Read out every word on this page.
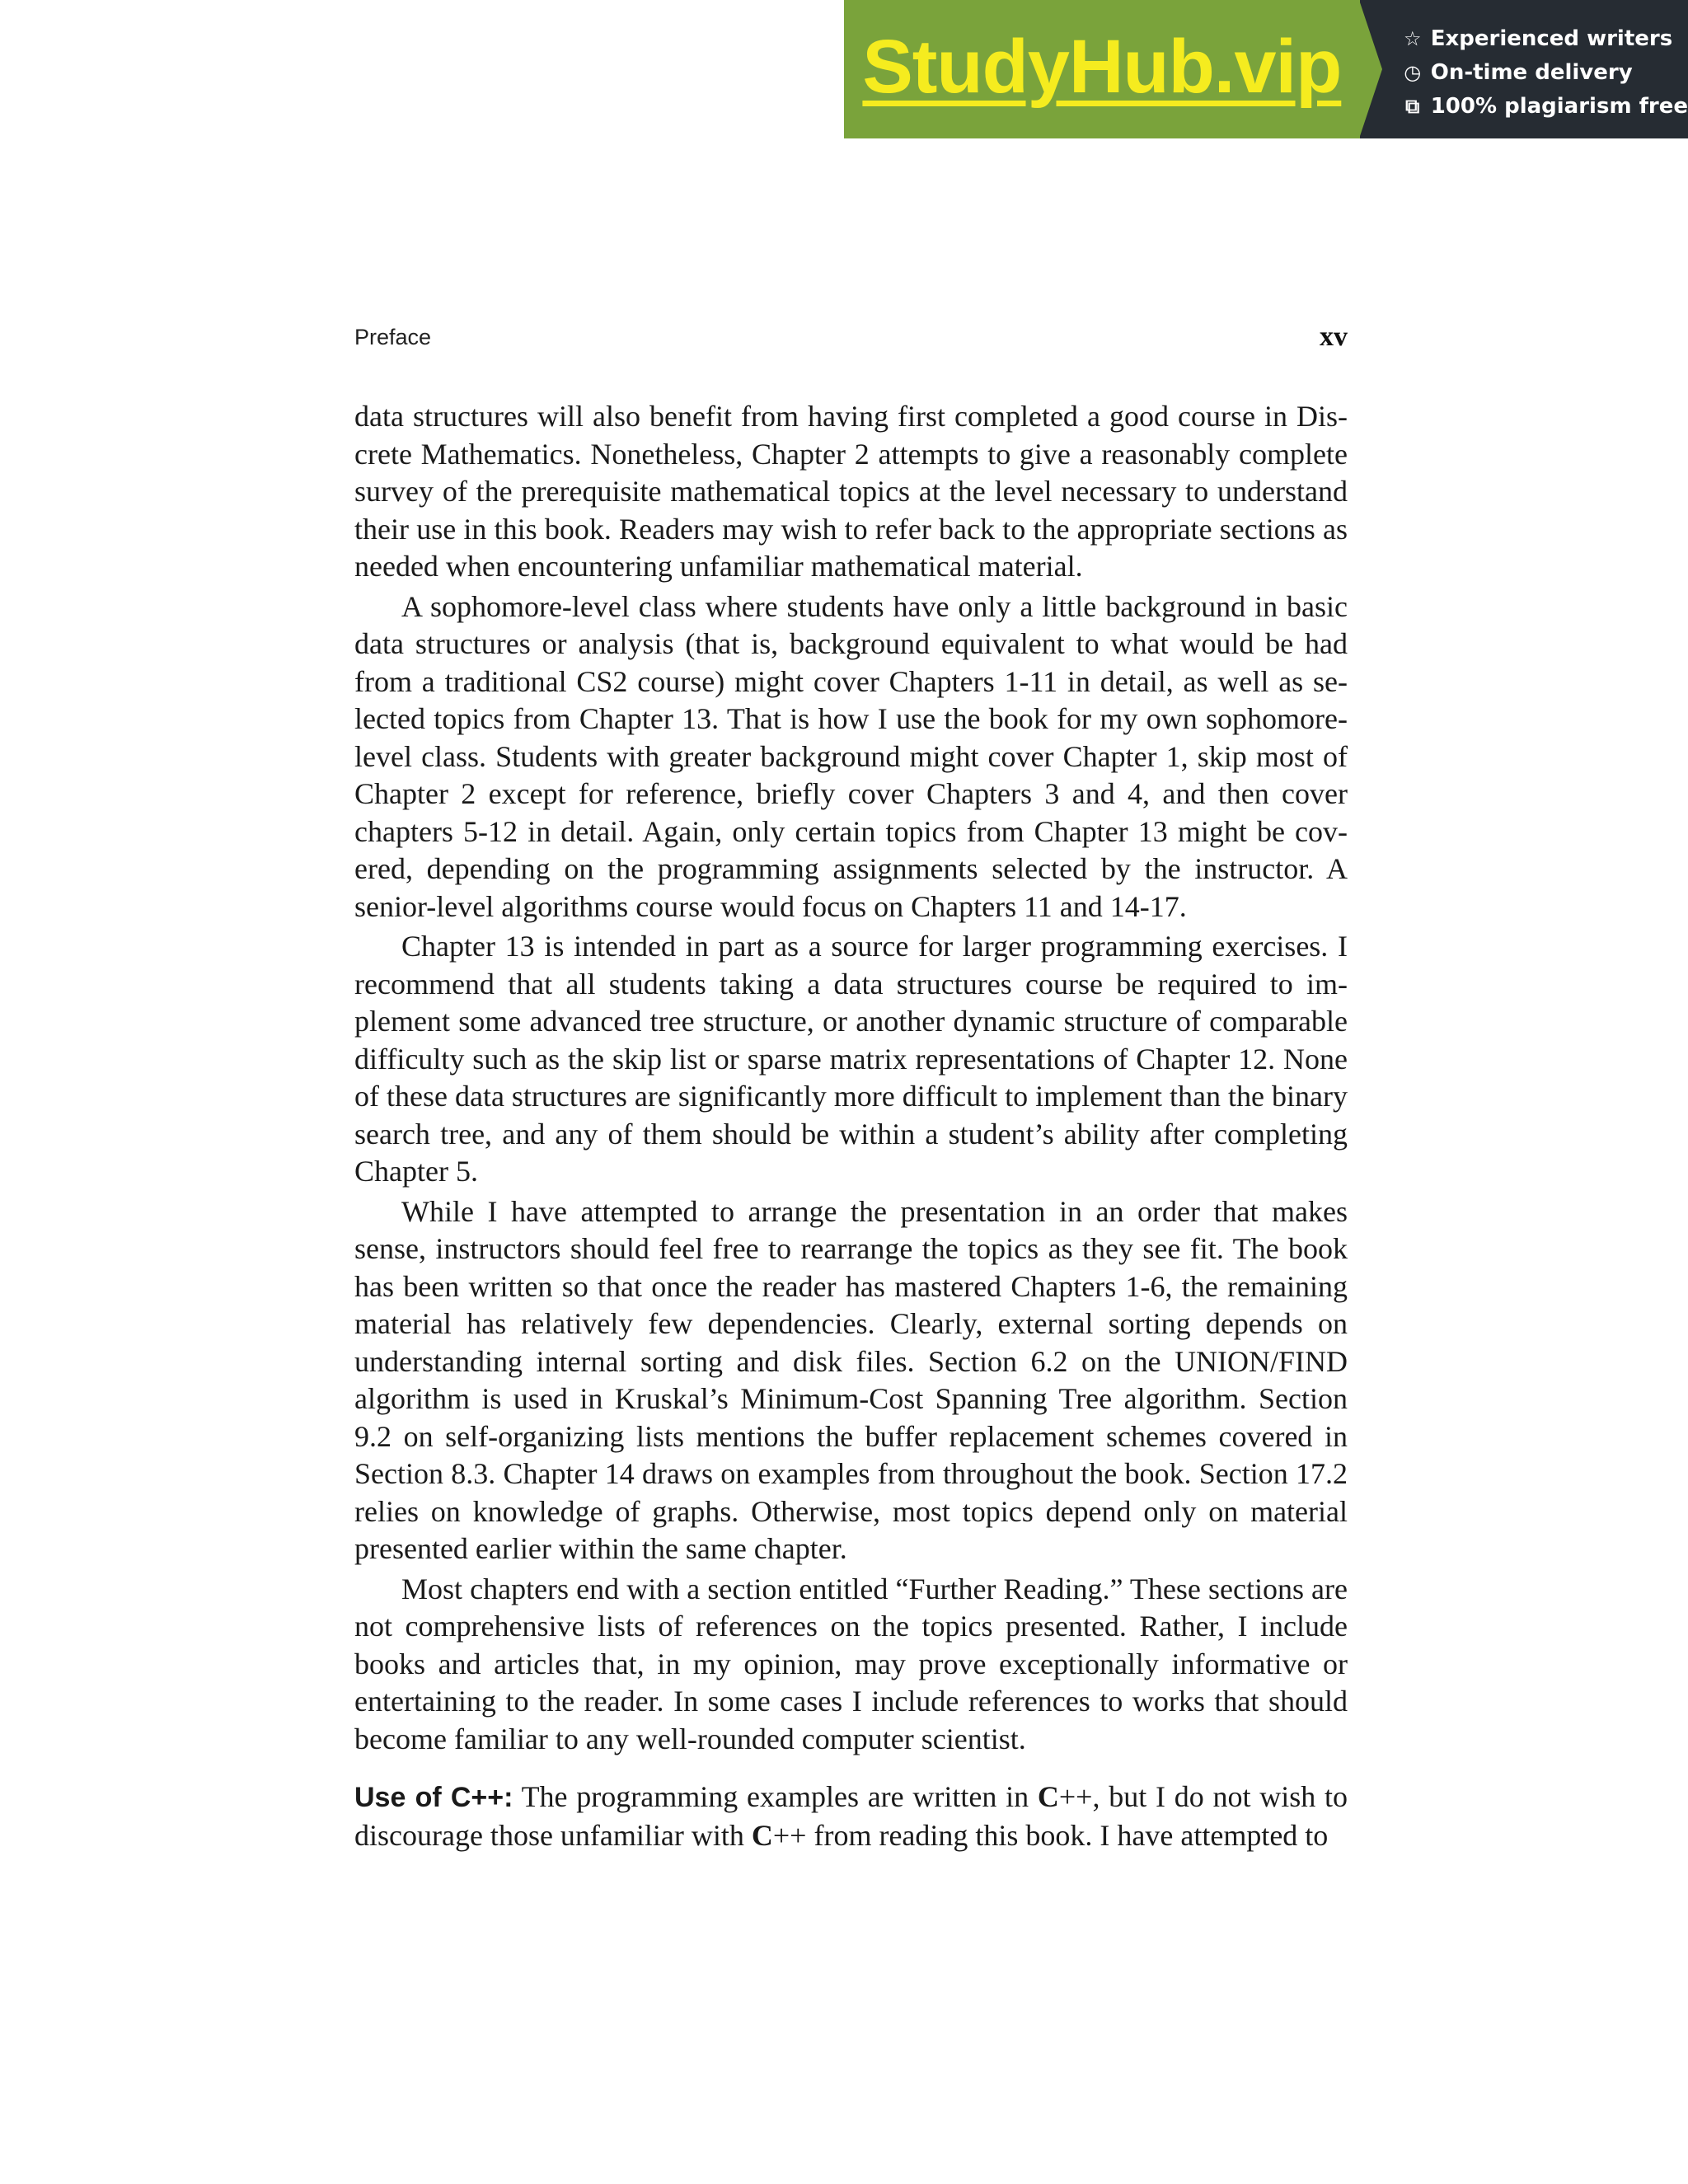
StudyHub.vip	☆ Experienced writers
◷ On-time delivery
⧉ 100% plagiarism free
Preface	xv

data structures will also benefit from having first completed a good course in Discrete Mathematics. Nonetheless, Chapter 2 attempts to give a reasonably complete survey of the prerequisite mathematical topics at the level necessary to understand their use in this book. Readers may wish to refer back to the appropriate sections as needed when encountering unfamiliar mathematical material.

A sophomore-level class where students have only a little background in basic data structures or analysis (that is, background equivalent to what would be had from a traditional CS2 course) might cover Chapters 1-11 in detail, as well as selected topics from Chapter 13. That is how I use the book for my own sophomore-level class. Students with greater background might cover Chapter 1, skip most of Chapter 2 except for reference, briefly cover Chapters 3 and 4, and then cover chapters 5-12 in detail. Again, only certain topics from Chapter 13 might be covered, depending on the programming assignments selected by the instructor. A senior-level algorithms course would focus on Chapters 11 and 14-17.

Chapter 13 is intended in part as a source for larger programming exercises. I recommend that all students taking a data structures course be required to implement some advanced tree structure, or another dynamic structure of comparable difficulty such as the skip list or sparse matrix representations of Chapter 12. None of these data structures are significantly more difficult to implement than the binary search tree, and any of them should be within a student’s ability after completing Chapter 5.

While I have attempted to arrange the presentation in an order that makes sense, instructors should feel free to rearrange the topics as they see fit. The book has been written so that once the reader has mastered Chapters 1-6, the remaining material has relatively few dependencies. Clearly, external sorting depends on understanding internal sorting and disk files. Section 6.2 on the UNION/FIND algorithm is used in Kruskal’s Minimum-Cost Spanning Tree algorithm. Section 9.2 on self-organizing lists mentions the buffer replacement schemes covered in Section 8.3. Chapter 14 draws on examples from throughout the book. Section 17.2 relies on knowledge of graphs. Otherwise, most topics depend only on material presented earlier within the same chapter.

Most chapters end with a section entitled “Further Reading.” These sections are not comprehensive lists of references on the topics presented. Rather, I include books and articles that, in my opinion, may prove exceptionally informative or entertaining to the reader. In some cases I include references to works that should become familiar to any well-rounded computer scientist.

Use of C++: The programming examples are written in C++, but I do not wish to discourage those unfamiliar with C++ from reading this book. I have attempted to
